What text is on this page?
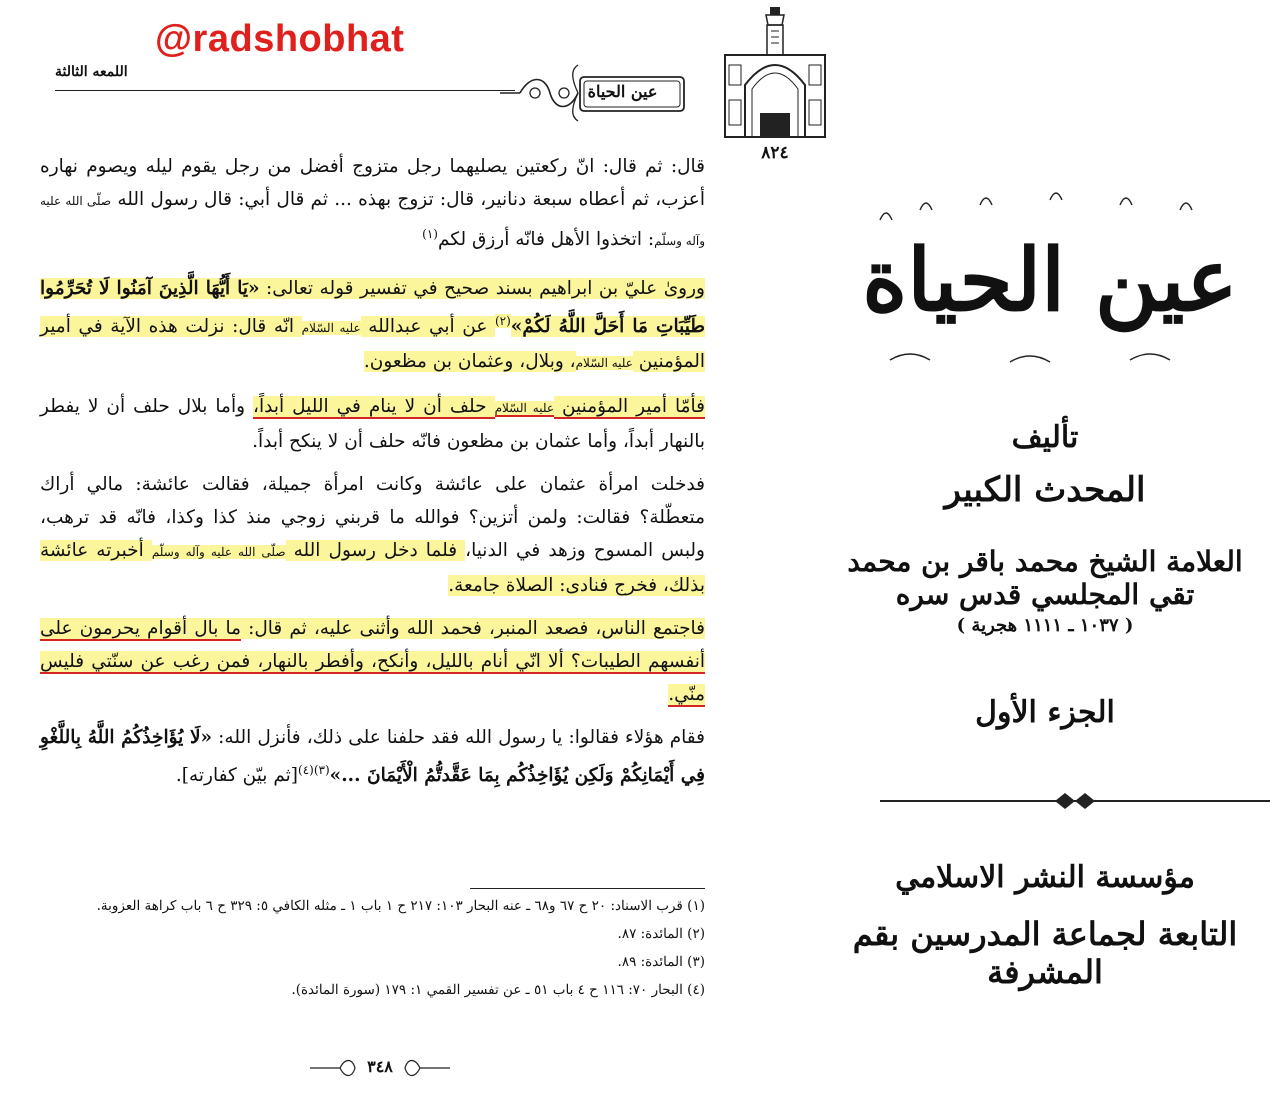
@radshobhat
اللمعه الثالثة
عين الحياة

قال: ثم قال: انّ ركعتين يصليهما رجل متزوج أفضل من رجل يقوم ليله ويصوم نهاره أعزب، ثم أعطاه سبعة دنانير، قال: تزوج بهذه ... ثم قال أبي: قال رسول الله صلّى الله عليه وآله وسلّم: اتخذوا الأهل فانّه أرزق لكم$^{(١)}$

ورویٰ عليّ بن ابراهيم بسند صحيح في تفسير قوله تعالى: «يَا أَيُّهَا الَّذِينَ آمَنُوا لَا تُحَرِّمُوا طَيِّبَاتِ مَا أَحَلَّ اللَّهُ لَكُمْ»$^{(٢)}$ عن أبي عبدالله عليه السّلام انّه قال: نزلت هذه الآية في أمير المؤمنين عليه السّلام، وبلال، وعثمان بن مظعون.

فأمّا أمير المؤمنين عليه السّلام حلف أن لا ينام في الليل أبداً، وأما بلال حلف أن لا يفطر بالنهار أبداً، وأما عثمان بن مظعون فانّه حلف أن لا ينكح أبداً.

فدخلت امرأة عثمان على عائشة وكانت امرأة جميلة، فقالت عائشة: مالي أراك متعطّلة؟ فقالت: ولمن أتزين؟ فوالله ما قربني زوجي منذ كذا وكذا، فانّه قد ترهب، ولبس المسوح وزهد في الدنيا، فلما دخل رسول الله صلّى الله عليه وآله وسلّم أخبرته عائشة بذلك، فخرج فنادى: الصلاة جامعة.

فاجتمع الناس، فصعد المنبر، فحمد الله وأثنى عليه، ثم قال: ما بال أقوام يحرمون على أنفسهم الطيبات؟ ألا انّي أنام بالليل، وأنكح، وأفطر بالنهار، فمن رغب عن سنّتي فليس منّي.

فقام هؤلاء فقالوا: يا رسول الله فقد حلفنا على ذلك، فأنزل الله: «لَا يُؤَاخِذُكُمُ اللَّهُ بِاللَّغْوِ فِي أَيْمَانِكُمْ وَلَكِن يُؤَاخِذُكُم بِمَا عَقَّدتُّمُ الْأَيْمَانَ ...»$^{(٣)(٤)}$[ثم بيّن كفارته].

(١) قرب الاسناد: ٢٠ ح ٦٧ و٦٨ ـ عنه البحار ١٠٣: ٢١٧ ح ١ باب ١ ـ مثله الكافي ٥: ٣٢٩ ح ٦ باب كراهة العزوبة.
(٢) المائدة: ٨٧.
(٣) المائدة: ٨٩.
(٤) البحار ٧٠: ١١٦ ح ٤ باب ٥١ ـ عن تفسير القمي ١: ١٧٩ (سورة المائدة).
٣٤٨
٨٢٤
عين الحياة
تأليف
المحدث الكبير
العلامة الشيخ محمد باقر بن محمد تقي المجلسي قدس سره
( ١٠٣٧ ـ ١١١١ هجرية )
الجزء الأول
مؤسسة النشر الاسلامي
التابعة لجماعة المدرسين بقم المشرفة
